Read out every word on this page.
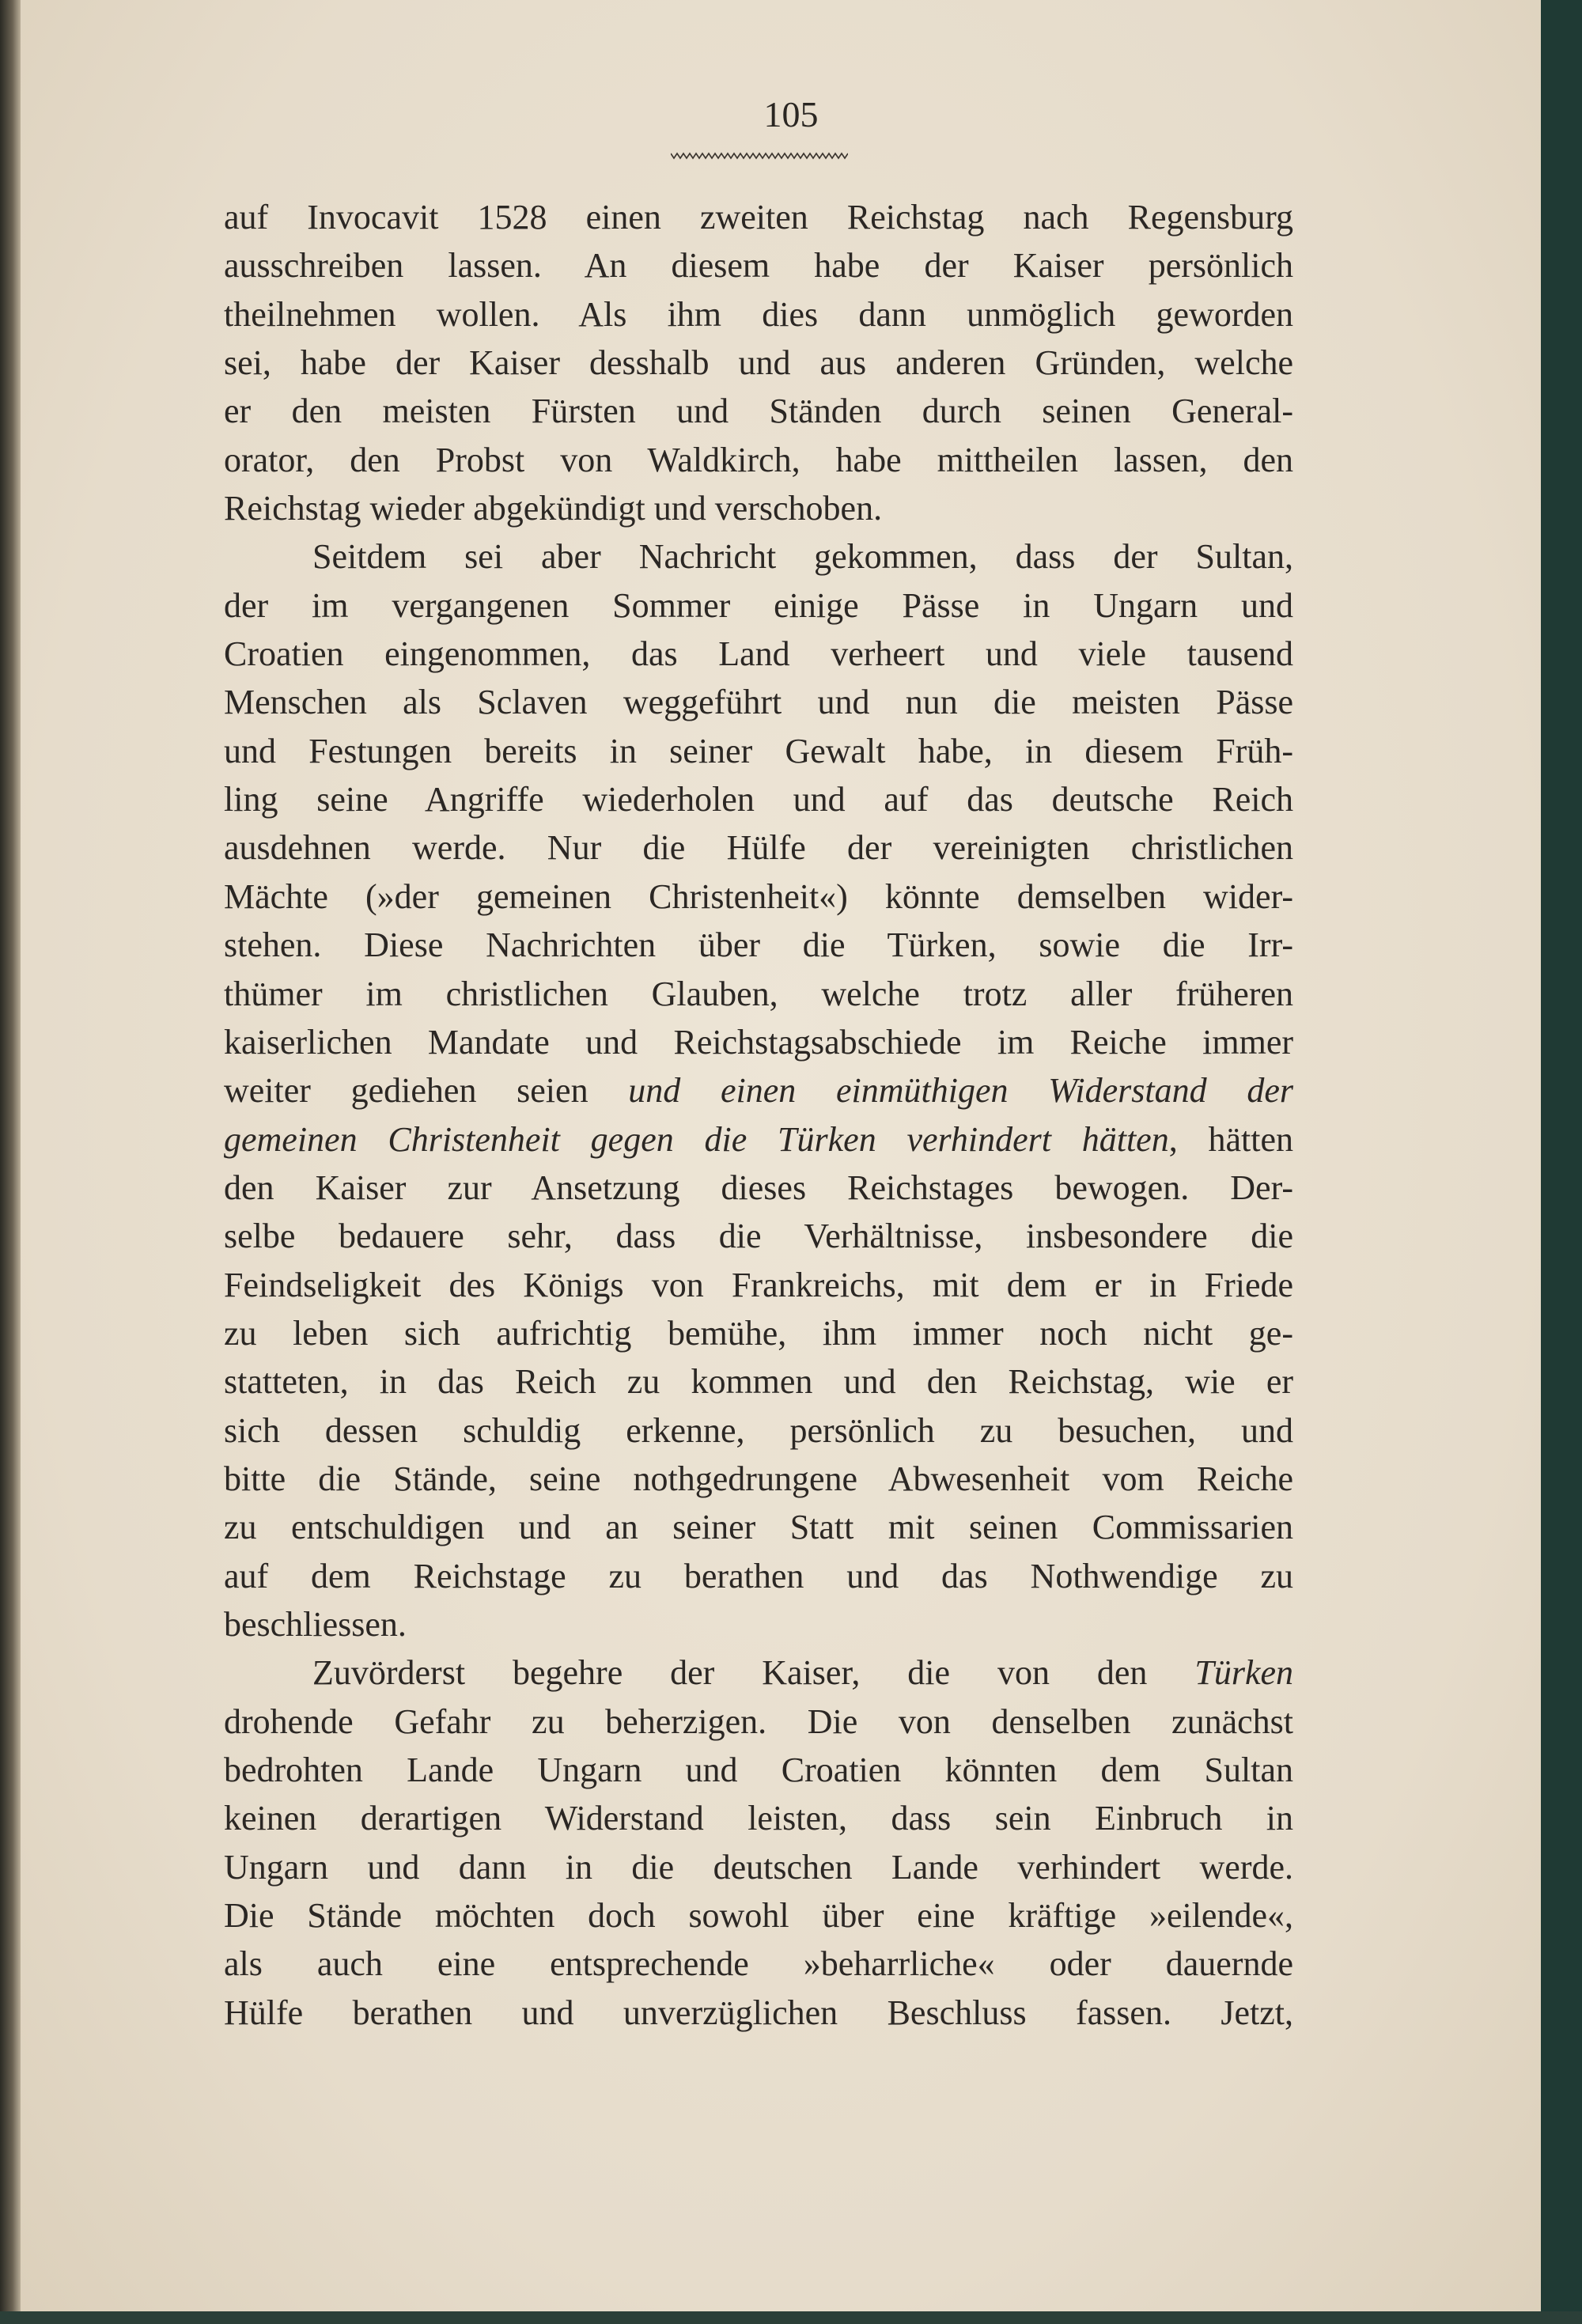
105
auf Invocavit 1528 einen zweiten Reichstag nach Regensburg
ausschreiben lassen. An diesem habe der Kaiser persönlich
theilnehmen wollen. Als ihm dies dann unmöglich geworden
sei, habe der Kaiser desshalb und aus anderen Gründen, welche
er den meisten Fürsten und Ständen durch seinen General-
orator, den Probst von Waldkirch, habe mittheilen lassen, den
Reichstag wieder abgekündigt und verschoben.
Seitdem sei aber Nachricht gekommen, dass der Sultan,
der im vergangenen Sommer einige Pässe in Ungarn und
Croatien eingenommen, das Land verheert und viele tausend
Menschen als Sclaven weggeführt und nun die meisten Pässe
und Festungen bereits in seiner Gewalt habe, in diesem Früh-
ling seine Angriffe wiederholen und auf das deutsche Reich
ausdehnen werde. Nur die Hülfe der vereinigten christlichen
Mächte (»der gemeinen Christenheit«) könnte demselben wider-
stehen. Diese Nachrichten über die Türken, sowie die Irr-
thümer im christlichen Glauben, welche trotz aller früheren
kaiserlichen Mandate und Reichstagsabschiede im Reiche immer
weiter gediehen seien und einen einmüthigen Widerstand der
gemeinen Christenheit gegen die Türken verhindert hätten, hätten
den Kaiser zur Ansetzung dieses Reichstages bewogen. Der-
selbe bedauere sehr, dass die Verhältnisse, insbesondere die
Feindseligkeit des Königs von Frankreichs, mit dem er in Friede
zu leben sich aufrichtig bemühe, ihm immer noch nicht ge-
statteten, in das Reich zu kommen und den Reichstag, wie er
sich dessen schuldig erkenne, persönlich zu besuchen, und
bitte die Stände, seine nothgedrungene Abwesenheit vom Reiche
zu entschuldigen und an seiner Statt mit seinen Commissarien
auf dem Reichstage zu berathen und das Nothwendige zu
beschliessen.
Zuvörderst begehre der Kaiser, die von den Türken
drohende Gefahr zu beherzigen. Die von denselben zunächst
bedrohten Lande Ungarn und Croatien könnten dem Sultan
keinen derartigen Widerstand leisten, dass sein Einbruch in
Ungarn und dann in die deutschen Lande verhindert werde.
Die Stände möchten doch sowohl über eine kräftige »eilende«,
als auch eine entsprechende »beharrliche« oder dauernde
Hülfe berathen und unverzüglichen Beschluss fassen. Jetzt,
